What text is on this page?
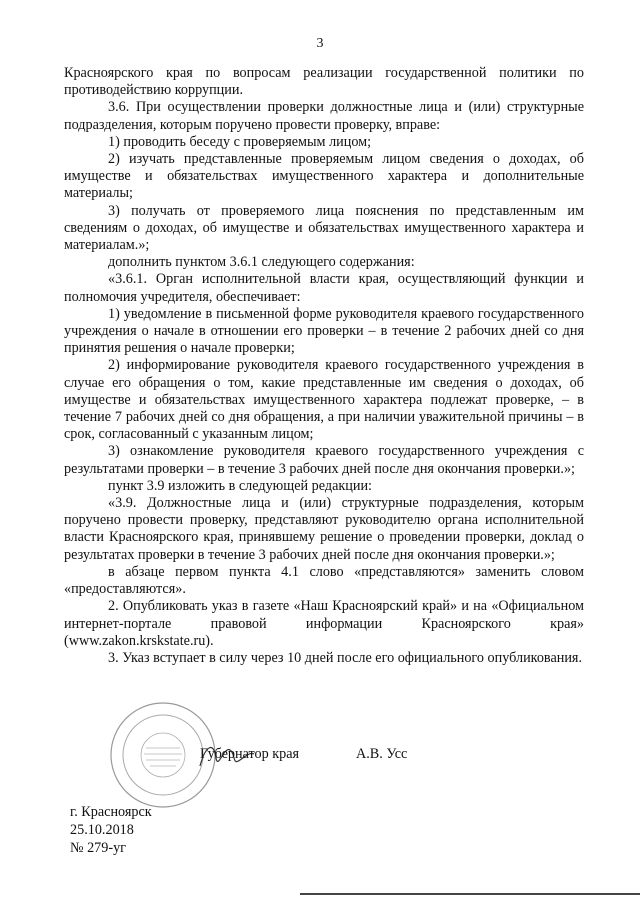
3

Красноярского края по вопросам реализации государственной политики по противодействию коррупции.

3.6. При осуществлении проверки должностные лица и (или) структурные подразделения, которым поручено провести проверку, вправе:

1) проводить беседу с проверяемым лицом;

2) изучать представленные проверяемым лицом сведения о доходах, об имуществе и обязательствах имущественного характера и дополнительные материалы;

3) получать от проверяемого лица пояснения по представленным им сведениям о доходах, об имуществе и обязательствах имущественного характера и материалам.»;

дополнить пунктом 3.6.1 следующего содержания:

«3.6.1. Орган исполнительной власти края, осуществляющий функции и полномочия учредителя, обеспечивает:

1) уведомление в письменной форме руководителя краевого государственного учреждения о начале в отношении его проверки – в течение 2 рабочих дней со дня принятия решения о начале проверки;

2) информирование руководителя краевого государственного учреждения в случае его обращения о том, какие представленные им сведения о доходах, об имуществе и обязательствах имущественного характера подлежат проверке, – в течение 7 рабочих дней со дня обращения, а при наличии уважительной причины – в срок, согласованный с указанным лицом;

3) ознакомление руководителя краевого государственного учреждения с результатами проверки – в течение 3 рабочих дней после дня окончания проверки.»;

пункт 3.9 изложить в следующей редакции:

«3.9. Должностные лица и (или) структурные подразделения, которым поручено провести проверку, представляют руководителю органа исполнительной власти Красноярского края, принявшему решение о проведении проверки, доклад о результатах проверки в течение 3 рабочих дней после дня окончания проверки.»;

в абзаце первом пункта 4.1 слово «представляются» заменить словом «предоставляются».

2. Опубликовать указ в газете «Наш Красноярский край» и на «Официальном интернет-портале правовой информации Красноярского края» (www.zakon.krskstate.ru).

3. Указ вступает в силу через 10 дней после его официального опубликования.

Губернатор края	А.В. Усс
г. Красноярск
25.10.2018
№ 279-уг
